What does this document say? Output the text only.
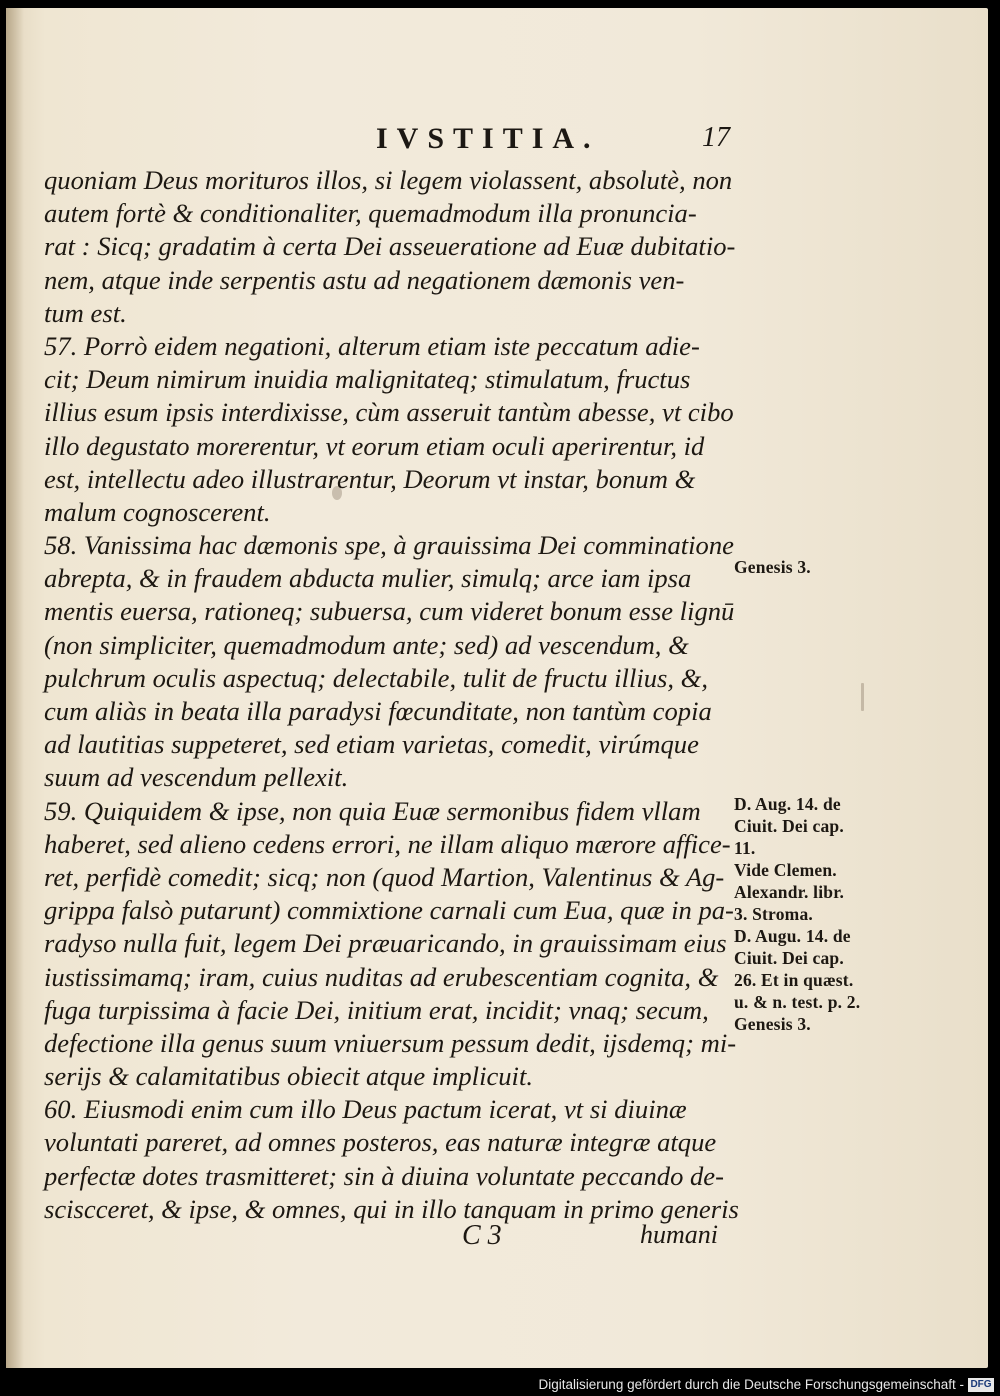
IVSTITIA.	17
quoniam Deus morituros illos, si legem violassent, absolutè, non
autem fortè & conditionaliter, quemadmodum illa pronuncia-
rat : Sicq; gradatim à certa Dei asseueratione ad Euæ dubitatio-
nem, atque inde serpentis astu ad negationem dæmonis ven-
tum est.
57. Porrò eidem negationi, alterum etiam iste peccatum adie-
cit; Deum nimirum inuidia malignitateq; stimulatum, fructus
illius esum ipsis interdixisse, cùm asseruit tantùm abesse, vt cibo
illo degustato morerentur, vt eorum etiam oculi aperirentur, id
est, intellectu adeo illustrarentur, Deorum vt instar, bonum &
malum cognoscerent.
58. Vanissima hac dæmonis spe, à grauissima Dei comminatione
abrepta, & in fraudem abducta mulier, simulq; arce iam ipsa
mentis euersa, rationeq; subuersa, cum videret bonum esse lignū
(non simpliciter, quemadmodum ante; sed) ad vescendum, &
pulchrum oculis aspectuq; delectabile, tulit de fructu illius, &,
cum aliàs in beata illa paradysi fœcunditate, non tantùm copia
ad lautitias suppeteret, sed etiam varietas, comedit, virúmque
suum ad vescendum pellexit.
59. Quiquidem & ipse, non quia Euæ sermonibus fidem vllam
haberet, sed alieno cedens errori, ne illam aliquo mærore affice-
ret, perfidè comedit; sicq; non (quod Martion, Valentinus & Ag-
grippa falsò putarunt) commixtione carnali cum Eua, quæ in pa-
radyso nulla fuit, legem Dei præuaricando, in grauissimam eius
iustissimamq; iram, cuius nuditas ad erubescentiam cognita, &
fuga turpissima à facie Dei, initium erat, incidit; vnaq; secum,
defectione illa genus suum vniuersum pessum dedit, ijsdemq; mi-
serijs & calamitatibus obiecit atque implicuit.
60. Eiusmodi enim cum illo Deus pactum icerat, vt si diuinæ
voluntati pareret, ad omnes posteros, eas naturæ integræ atque
perfectæ dotes trasmitteret; sin à diuina voluntate peccando de-
sciscceret, & ipse, & omnes, qui in illo tanquam in primo generis
Genesis 3.
D. Aug. 14. de
Ciuit. Dei cap.
11.
Vide Clemen.
Alexandr. libr.
3. Stroma.
D. Augu. 14. de
Ciuit. Dei cap.
26. Et in quæst.
u. & n. test. p. 2.
Genesis 3.
C 3	humani
Digitalisierung gefördert durch die Deutsche Forschungsgemeinschaft - DFG
